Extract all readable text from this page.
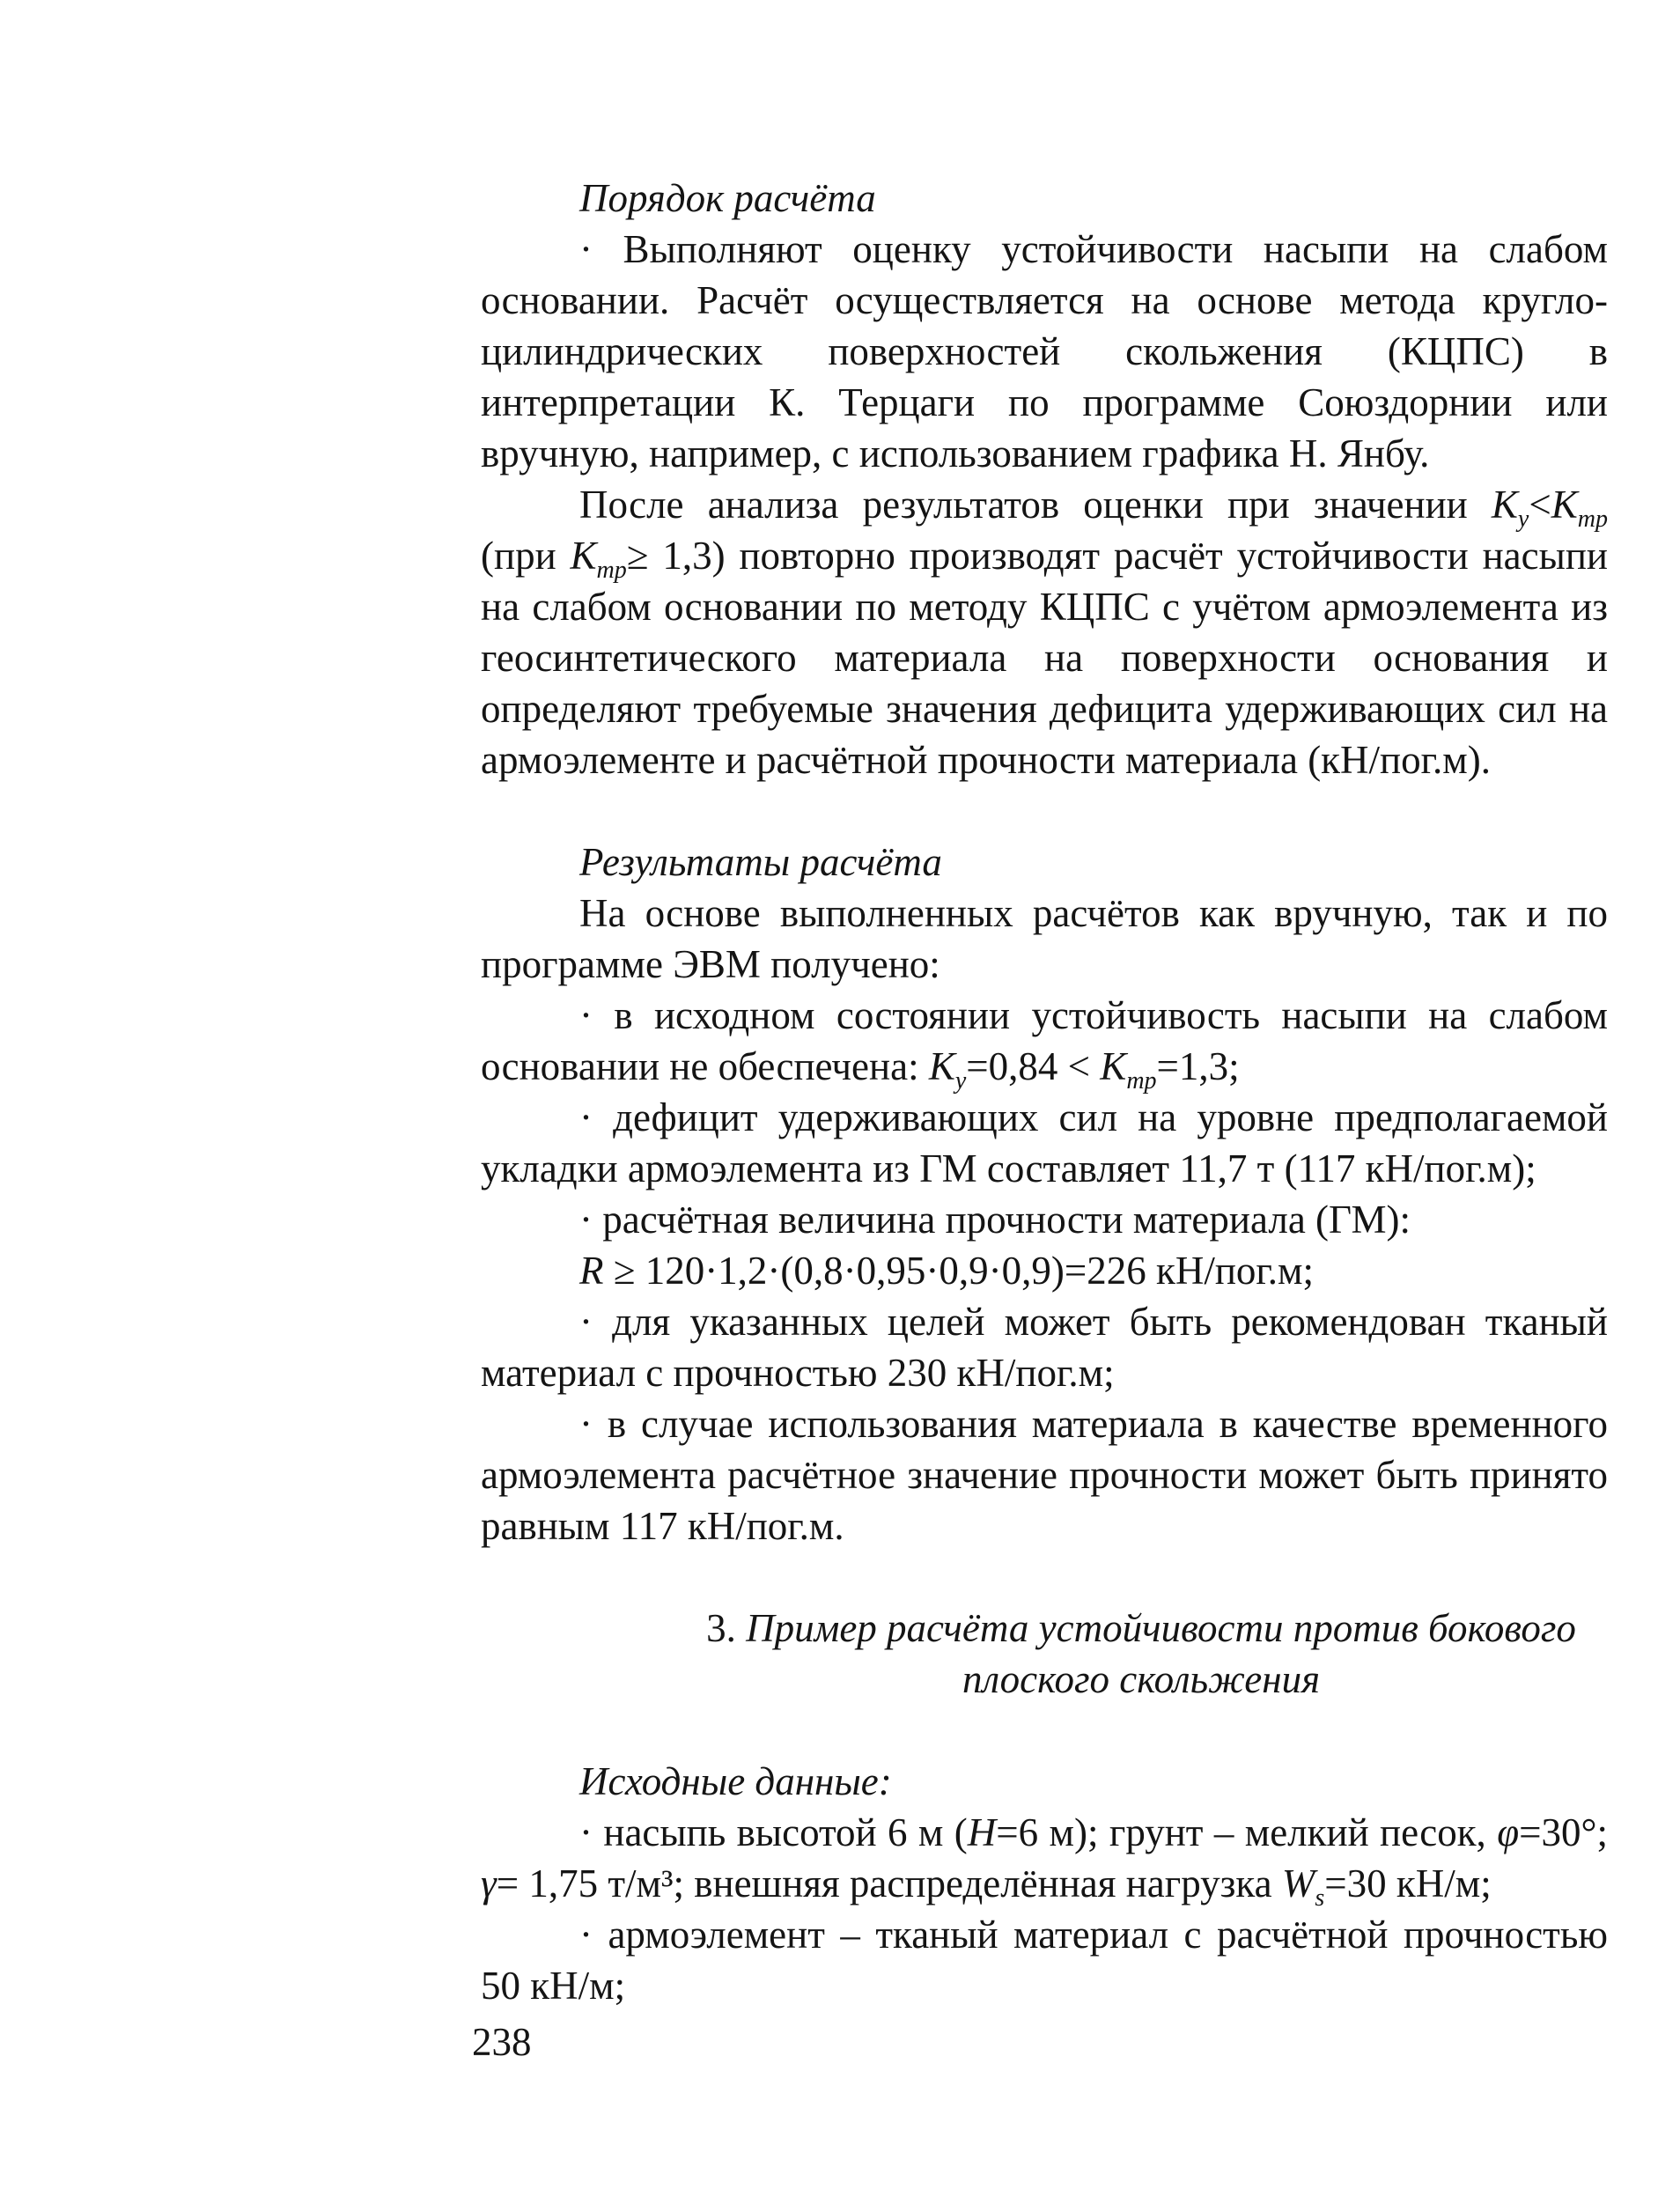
Порядок расчёта

· Выполняют оценку устойчивости насыпи на слабом основании. Расчёт осуществляется на основе метода кругло-цилиндрических поверхностей скольжения (КЦПС) в интерпретации К. Терцаги по программе Союздорнии или вручную, например, с использованием графика Н. Янбу.

После анализа результатов оценки при значении $K_у<K_{тр}$ (при $K_{тр}\ge 1,3$) повторно производят расчёт устойчивости насыпи на слабом основании по методу КЦПС с учётом армоэлемента из геосинтетического материала на поверхности основания и определяют требуемые значения дефицита удерживающих сил на армоэлементе и расчётной прочности материала (кН/пог.м).

Результаты расчёта

На основе выполненных расчётов как вручную, так и по программе ЭВМ получено:

· в исходном состоянии устойчивость насыпи на слабом основании не обеспечена: $K_у=0,84 < K_{тр}=1,3$;

· дефицит удерживающих сил на уровне предполагаемой укладки армоэлемента из ГМ составляет 11,7 т (117 кН/пог.м);

· расчётная величина прочности материала (ГМ):

R ≥ 120·1,2·(0,8·0,95·0,9·0,9)=226 кН/пог.м;

· для указанных целей может быть рекомендован тканый материал с прочностью 230 кН/пог.м;

· в случае использования материала в качестве временного армоэлемента расчётное значение прочности может быть принято равным 117 кН/пог.м.

3. Пример расчёта устойчивости против бокового

плоского скольжения

Исходные данные:

· насыпь высотой 6 м (H=6 м); грунт – мелкий песок, φ=30°; γ= 1,75 т/м³; внешняя распределённая нагрузка $W_s=30$ кН/м;

· армоэлемент – тканый материал с расчётной прочностью 50 кН/м;

238
